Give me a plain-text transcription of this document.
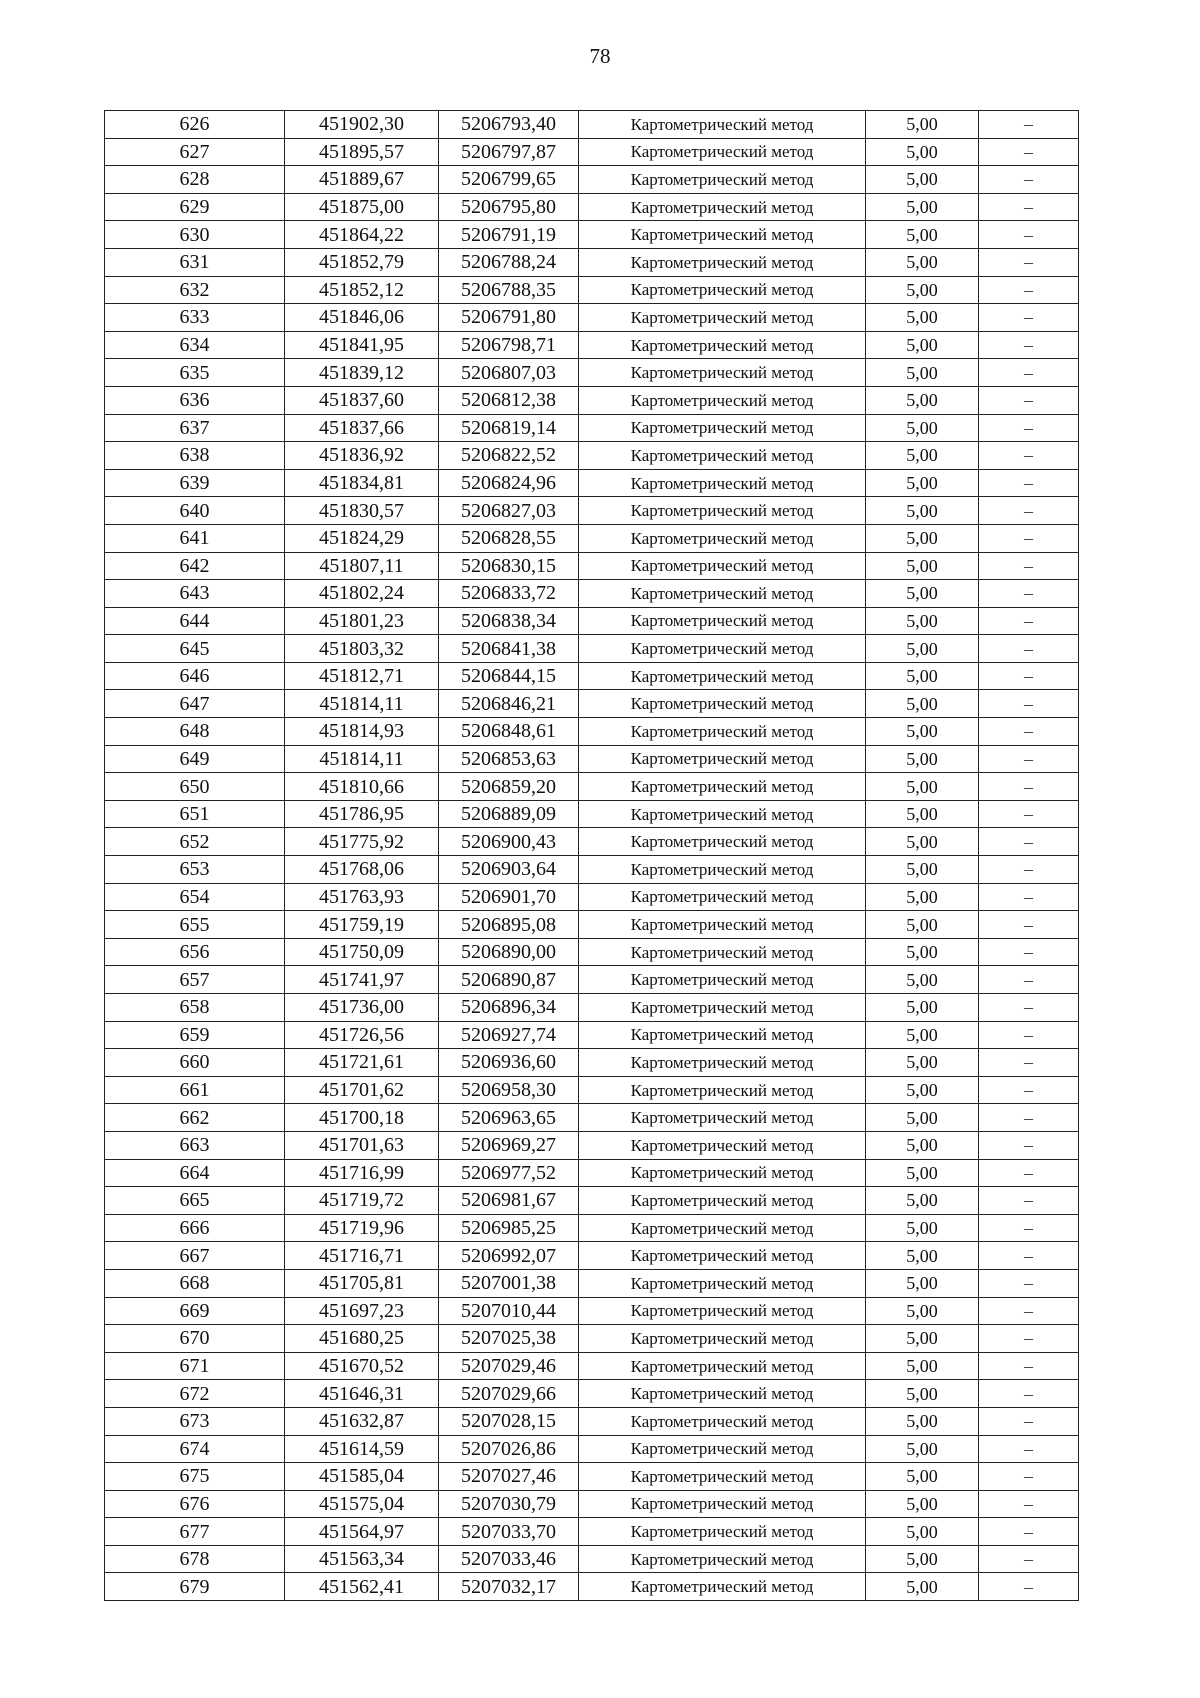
78
626	451902,30	5206793,40	Картометрический метод	5,00	–
627	451895,57	5206797,87	Картометрический метод	5,00	–
628	451889,67	5206799,65	Картометрический метод	5,00	–
629	451875,00	5206795,80	Картометрический метод	5,00	–
630	451864,22	5206791,19	Картометрический метод	5,00	–
631	451852,79	5206788,24	Картометрический метод	5,00	–
632	451852,12	5206788,35	Картометрический метод	5,00	–
633	451846,06	5206791,80	Картометрический метод	5,00	–
634	451841,95	5206798,71	Картометрический метод	5,00	–
635	451839,12	5206807,03	Картометрический метод	5,00	–
636	451837,60	5206812,38	Картометрический метод	5,00	–
637	451837,66	5206819,14	Картометрический метод	5,00	–
638	451836,92	5206822,52	Картометрический метод	5,00	–
639	451834,81	5206824,96	Картометрический метод	5,00	–
640	451830,57	5206827,03	Картометрический метод	5,00	–
641	451824,29	5206828,55	Картометрический метод	5,00	–
642	451807,11	5206830,15	Картометрический метод	5,00	–
643	451802,24	5206833,72	Картометрический метод	5,00	–
644	451801,23	5206838,34	Картометрический метод	5,00	–
645	451803,32	5206841,38	Картометрический метод	5,00	–
646	451812,71	5206844,15	Картометрический метод	5,00	–
647	451814,11	5206846,21	Картометрический метод	5,00	–
648	451814,93	5206848,61	Картометрический метод	5,00	–
649	451814,11	5206853,63	Картометрический метод	5,00	–
650	451810,66	5206859,20	Картометрический метод	5,00	–
651	451786,95	5206889,09	Картометрический метод	5,00	–
652	451775,92	5206900,43	Картометрический метод	5,00	–
653	451768,06	5206903,64	Картометрический метод	5,00	–
654	451763,93	5206901,70	Картометрический метод	5,00	–
655	451759,19	5206895,08	Картометрический метод	5,00	–
656	451750,09	5206890,00	Картометрический метод	5,00	–
657	451741,97	5206890,87	Картометрический метод	5,00	–
658	451736,00	5206896,34	Картометрический метод	5,00	–
659	451726,56	5206927,74	Картометрический метод	5,00	–
660	451721,61	5206936,60	Картометрический метод	5,00	–
661	451701,62	5206958,30	Картометрический метод	5,00	–
662	451700,18	5206963,65	Картометрический метод	5,00	–
663	451701,63	5206969,27	Картометрический метод	5,00	–
664	451716,99	5206977,52	Картометрический метод	5,00	–
665	451719,72	5206981,67	Картометрический метод	5,00	–
666	451719,96	5206985,25	Картометрический метод	5,00	–
667	451716,71	5206992,07	Картометрический метод	5,00	–
668	451705,81	5207001,38	Картометрический метод	5,00	–
669	451697,23	5207010,44	Картометрический метод	5,00	–
670	451680,25	5207025,38	Картометрический метод	5,00	–
671	451670,52	5207029,46	Картометрический метод	5,00	–
672	451646,31	5207029,66	Картометрический метод	5,00	–
673	451632,87	5207028,15	Картометрический метод	5,00	–
674	451614,59	5207026,86	Картометрический метод	5,00	–
675	451585,04	5207027,46	Картометрический метод	5,00	–
676	451575,04	5207030,79	Картометрический метод	5,00	–
677	451564,97	5207033,70	Картометрический метод	5,00	–
678	451563,34	5207033,46	Картометрический метод	5,00	–
679	451562,41	5207032,17	Картометрический метод	5,00	–
